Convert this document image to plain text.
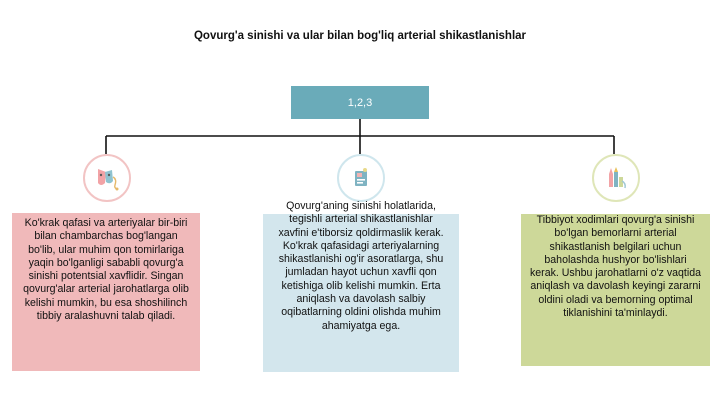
Qovurg'a sinishi va ular bilan bog'liq arterial shikastlanishlar
1,2,3
Ko'krak qafasi va arteriyalar bir-biri bilan chambarchas bog'langan bo'lib, ular muhim qon tomirlariga yaqin bo'lganligi sababli qovurg'a sinishi potentsial xavflidir. Singan qovurg'alar arterial jarohatlarga olib kelishi mumkin, bu esa shoshilinch tibbiy aralashuvni talab qiladi.
Qovurg'aning sinishi holatlarida, tegishli arterial shikastlanishlar xavfini e'tiborsiz qoldirmaslik kerak. Ko'krak qafasidagi arteriyalarning shikastlanishi og'ir asoratlarga, shu jumladan hayot uchun xavfli qon ketishiga olib kelishi mumkin. Erta aniqlash va davolash salbiy oqibatlarning oldini olishda muhim ahamiyatga ega.
Tibbiyot xodimlari qovurg'a sinishi bo'lgan bemorlarni arterial shikastlanish belgilari uchun baholashda hushyor bo'lishlari kerak. Ushbu jarohatlarni o'z vaqtida aniqlash va davolash keyingi zararni oldini oladi va bemorning optimal tiklanishini ta'minlaydi.
